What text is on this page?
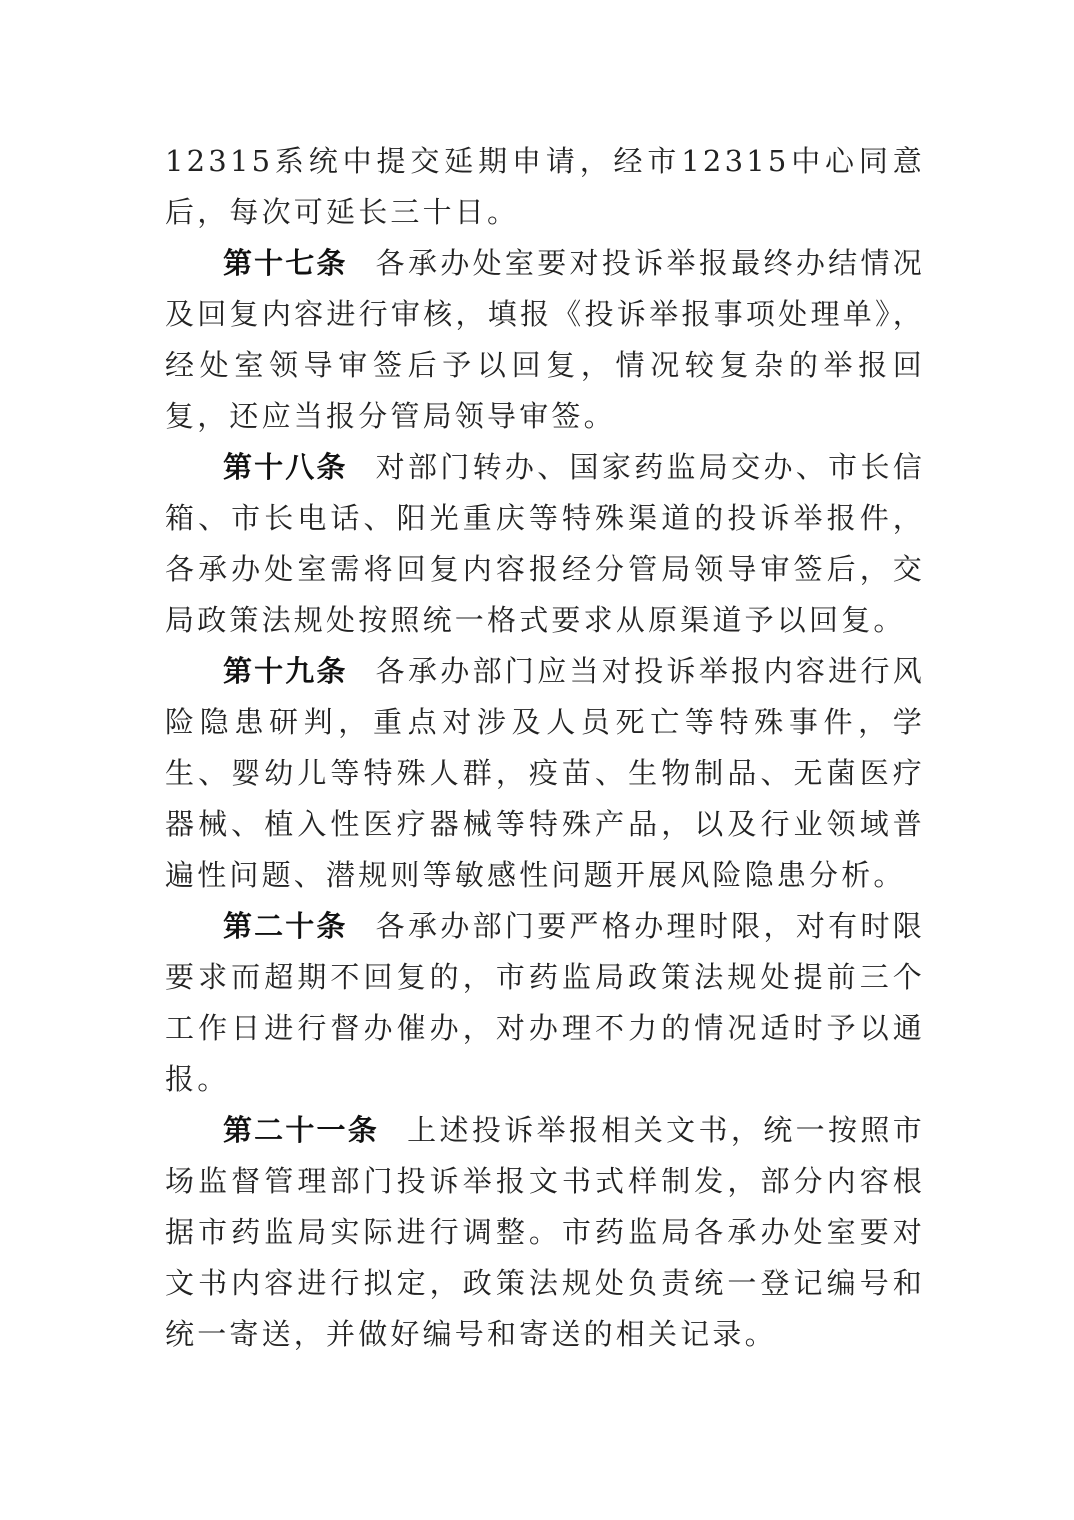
12315系统中提交延期申请，经市12315中心同意后，每次可延长三十日。

第十七条 各承办处室要对投诉举报最终办结情况及回复内容进行审核，填报《投诉举报事项处理单》，经处室领导审签后予以回复，情况较复杂的举报回复，还应当报分管局领导审签。

第十八条 对部门转办、国家药监局交办、市长信箱、市长电话、阳光重庆等特殊渠道的投诉举报件，各承办处室需将回复内容报经分管局领导审签后，交局政策法规处按照统一格式要求从原渠道予以回复。

第十九条 各承办部门应当对投诉举报内容进行风险隐患研判，重点对涉及人员死亡等特殊事件，学生、婴幼儿等特殊人群，疫苗、生物制品、无菌医疗器械、植入性医疗器械等特殊产品，以及行业领域普遍性问题、潜规则等敏感性问题开展风险隐患分析。

第二十条 各承办部门要严格办理时限，对有时限要求而超期不回复的，市药监局政策法规处提前三个工作日进行督办催办，对办理不力的情况适时予以通报。

第二十一条 上述投诉举报相关文书，统一按照市场监督管理部门投诉举报文书式样制发，部分内容根据市药监局实际进行调整。市药监局各承办处室要对文书内容进行拟定，政策法规处负责统一登记编号和统一寄送，并做好编号和寄送的相关记录。
